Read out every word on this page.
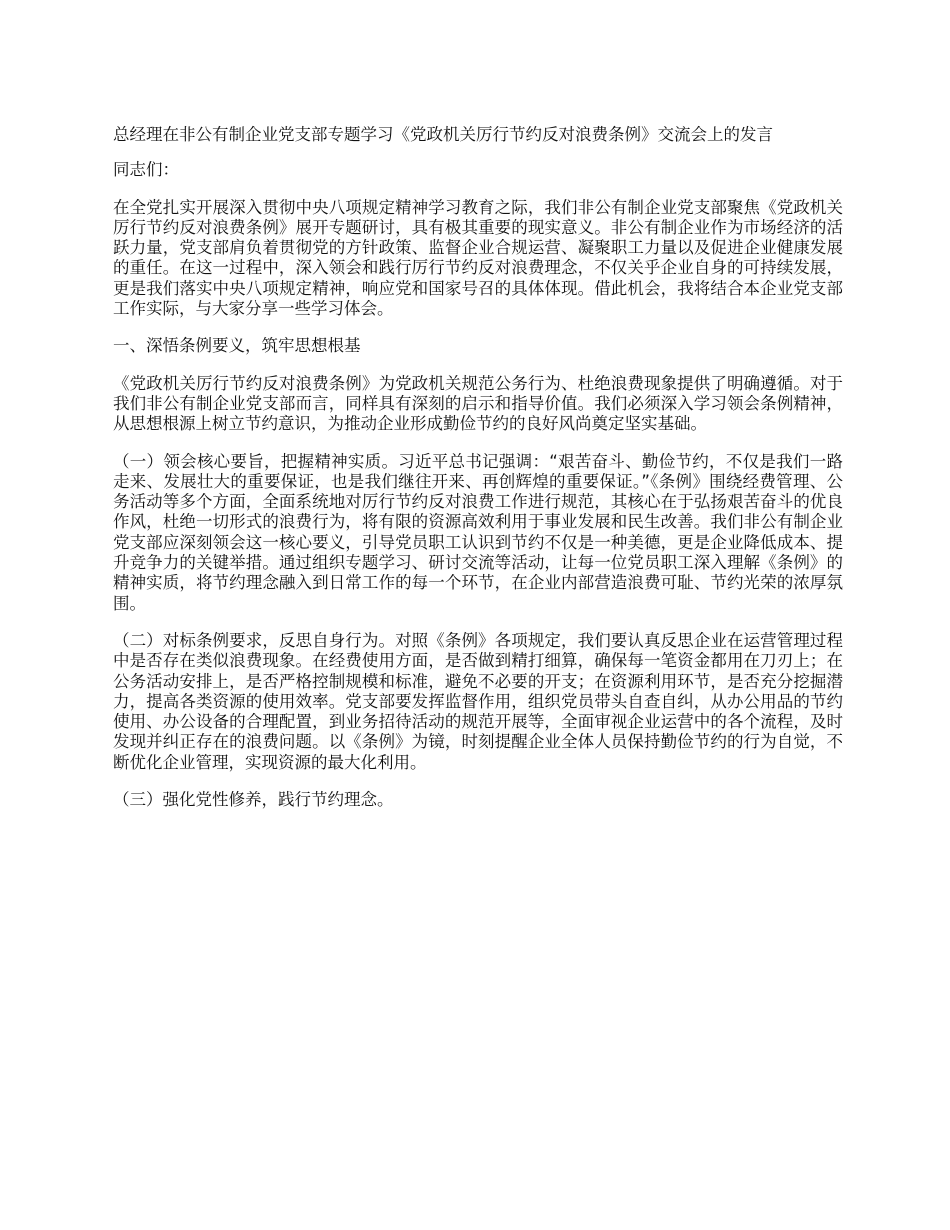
总经理在非公有制企业党支部专题学习《党政机关厉行节约反对浪费条例》交流会上的发言

同志们：

在全党扎实开展深入贯彻中央八项规定精神学习教育之际，我们非公有制企业党支部聚焦《党政机关厉行节约反对浪费条例》展开专题研讨，具有极其重要的现实意义。非公有制企业作为市场经济的活跃力量，党支部肩负着贯彻党的方针政策、监督企业合规运营、凝聚职工力量以及促进企业健康发展的重任。在这一过程中，深入领会和践行厉行节约反对浪费理念，不仅关乎企业自身的可持续发展，更是我们落实中央八项规定精神，响应党和国家号召的具体体现。借此机会，我将结合本企业党支部工作实际，与大家分享一些学习体会。

一、深悟条例要义，筑牢思想根基

《党政机关厉行节约反对浪费条例》为党政机关规范公务行为、杜绝浪费现象提供了明确遵循。对于我们非公有制企业党支部而言，同样具有深刻的启示和指导价值。我们必须深入学习领会条例精神，从思想根源上树立节约意识，为推动企业形成勤俭节约的良好风尚奠定坚实基础。

（一）领会核心要旨，把握精神实质。习近平总书记强调：“艰苦奋斗、勤俭节约，不仅是我们一路走来、发展壮大的重要保证，也是我们继往开来、再创辉煌的重要保证。”《条例》围绕经费管理、公务活动等多个方面，全面系统地对厉行节约反对浪费工作进行规范，其核心在于弘扬艰苦奋斗的优良作风，杜绝一切形式的浪费行为，将有限的资源高效利用于事业发展和民生改善。我们非公有制企业党支部应深刻领会这一核心要义，引导党员职工认识到节约不仅是一种美德，更是企业降低成本、提升竞争力的关键举措。通过组织专题学习、研讨交流等活动，让每一位党员职工深入理解《条例》的精神实质，将节约理念融入到日常工作的每一个环节，在企业内部营造浪费可耻、节约光荣的浓厚氛围。

（二）对标条例要求，反思自身行为。对照《条例》各项规定，我们要认真反思企业在运营管理过程中是否存在类似浪费现象。在经费使用方面，是否做到精打细算，确保每一笔资金都用在刀刃上；在公务活动安排上，是否严格控制规模和标准，避免不必要的开支；在资源利用环节，是否充分挖掘潜力，提高各类资源的使用效率。党支部要发挥监督作用，组织党员带头自查自纠，从办公用品的节约使用、办公设备的合理配置，到业务招待活动的规范开展等，全面审视企业运营中的各个流程，及时发现并纠正存在的浪费问题。以《条例》为镜，时刻提醒企业全体人员保持勤俭节约的行为自觉，不断优化企业管理，实现资源的最大化利用。

（三）强化党性修养，践行节约理念。
